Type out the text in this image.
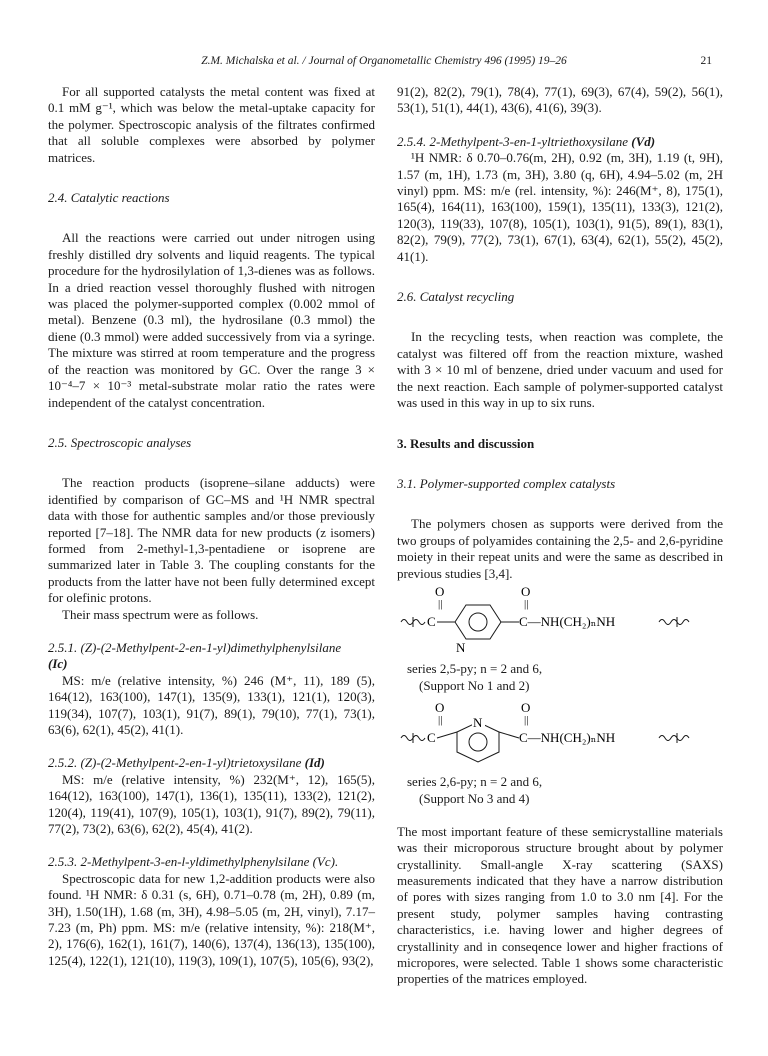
Z.M. Michalska et al. / Journal of Organometallic Chemistry 496 (1995) 19–26	21

For all supported catalysts the metal content was fixed at 0.1 mM g⁻¹, which was below the metal-uptake capacity for the polymer. Spectroscopic analysis of the filtrates confirmed that all soluble complexes were absorbed by polymer matrices.

2.4. Catalytic reactions

All the reactions were carried out under nitrogen using freshly distilled dry solvents and liquid reagents. The typical procedure for the hydrosilylation of 1,3-dienes was as follows. In a dried reaction vessel thoroughly flushed with nitrogen was placed the polymer-supported complex (0.002 mmol of metal). Benzene (0.3 ml), the hydrosilane (0.3 mmol) the diene (0.3 mmol) were added successively from via a syringe. The mixture was stirred at room temperature and the progress of the reaction was monitored by GC. Over the range 3 × 10⁻⁴–7 × 10⁻³ metal-substrate molar ratio the rates were independent of the catalyst concentration.

2.5. Spectroscopic analyses

The reaction products (isoprene–silane adducts) were identified by comparison of GC–MS and ¹H NMR spectral data with those for authentic samples and/or those previously reported [7–18]. The NMR data for new products (z isomers) formed from 2-methyl-1,3-pentadiene or isoprene are summarized later in Table 3. The coupling constants for the products from the latter have not been fully determined except for olefinic protons.

Their mass spectrum were as follows.

2.5.1. (Z)-(2-Methylpent-2-en-1-yl)dimethylphenylsilane
(Ic)

MS: m/e (relative intensity, %) 246 (M⁺, 11), 189 (5), 164(12), 163(100), 147(1), 135(9), 133(1), 121(1), 120(3), 119(34), 107(7), 103(1), 91(7), 89(1), 79(10), 77(1), 73(1), 63(6), 62(1), 45(2), 41(1).

2.5.2. (Z)-(2-Methylpent-2-en-1-yl)trietoxysilane (Id)

MS: m/e (relative intensity, %) 232(M⁺, 12), 165(5), 164(12), 163(100), 147(1), 136(1), 135(11), 133(2), 121(2), 120(4), 119(41), 107(9), 105(1), 103(1), 91(7), 89(2), 79(11), 77(2), 73(2), 63(6), 62(2), 45(4), 41(2).

2.5.3. 2-Methylpent-3-en-l-yldimethylphenylsilane (Vc).

Spectroscopic data for new 1,2-addition products were also found. ¹H NMR: δ 0.31 (s, 6H), 0.71–0.78 (m, 2H), 0.89 (m, 3H), 1.50(1H), 1.68 (m, 3H), 4.98–5.05 (m, 2H, vinyl), 7.17–7.23 (m, Ph) ppm. MS: m/e (relative intensity, %): 218(M⁺, 2), 176(6), 162(1), 161(7), 140(6), 137(4), 136(13), 135(100), 125(4), 122(1), 121(10), 119(3), 109(1), 107(5), 105(6), 93(2),

91(2), 82(2), 79(1), 78(4), 77(1), 69(3), 67(4), 59(2), 56(1), 53(1), 51(1), 44(1), 43(6), 41(6), 39(3).

2.5.4. 2-Methylpent-3-en-1-yltriethoxysilane (Vd)

¹H NMR: δ 0.70–0.76(m, 2H), 0.92 (m, 3H), 1.19 (t, 9H), 1.57 (m, 1H), 1.73 (m, 3H), 3.80 (q, 6H), 4.94–5.02 (m, 2H vinyl) ppm. MS: m/e (rel. intensity, %): 246(M⁺, 8), 175(1), 165(4), 164(11), 163(100), 159(1), 135(11), 133(3), 121(2), 120(3), 119(33), 107(8), 105(1), 103(1), 91(5), 89(1), 83(1), 82(2), 79(9), 77(2), 73(1), 67(1), 63(4), 62(1), 55(2), 45(2), 41(1).

2.6. Catalyst recycling

In the recycling tests, when reaction was complete, the catalyst was filtered off from the reaction mixture, washed with 3 × 10 ml of benzene, dried under vacuum and used for the next reaction. Each sample of polymer-supported catalyst was used in this way in up to six runs.

3. Results and discussion

3.1. Polymer-supported complex catalysts

The polymers chosen as supports were derived from the two groups of polyamides containing the 2,5- and 2,6-pyridine moiety in their repeat units and were the same as described in previous studies [3,4].

O
||
O
||
C	C—NH(CH₂)ₙNH
N
series 2,5-py; n = 2 and 6,
(Support No 1 and 2)
O
||
O
||
C
N
C—NH(CH₂)ₙNH
series 2,6-py; n = 2 and 6,
(Support No 3 and 4)

The most important feature of these semicrystalline materials was their microporous structure brought about by polymer crystallinity. Small-angle X-ray scattering (SAXS) measurements indicated that they have a narrow distribution of pores with sizes ranging from 1.0 to 3.0 nm [4]. For the present study, polymer samples having contrasting characteristics, i.e. having lower and higher degrees of crystallinity and in conseqence lower and higher fractions of micropores, were selected. Table 1 shows some characteristic properties of the matrices employed.
